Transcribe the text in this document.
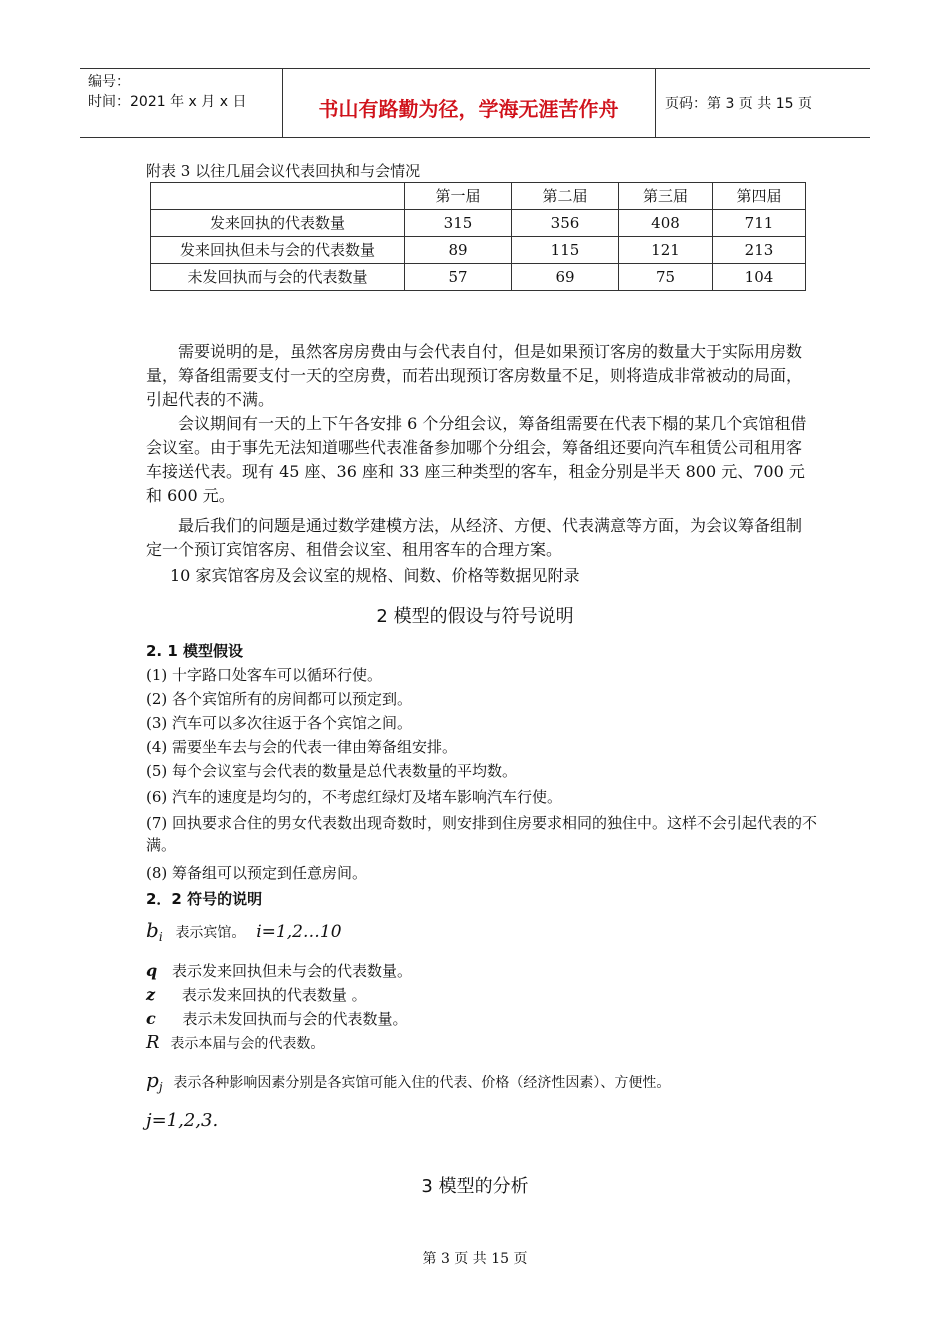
编号：
时间：2021 年 x 月 x 日	书山有路勤为径，学海无涯苦作舟	页码：第 3 页 共 15 页
附表 3 以往几届会议代表回执和与会情况
	第一届	第二届	第三届	第四届
发来回执的代表数量	315	356	408	711
发来回执但未与会的代表数量	89	115	121	213
未发回执而与会的代表数量	57	69	75	104

需要说明的是，虽然客房房费由与会代表自付，但是如果预订客房的数量大于实际用房数量，筹备组需要支付一天的空房费，而若出现预订客房数量不足，则将造成非常被动的局面，引起代表的不满。

会议期间有一天的上下午各安排 6 个分组会议，筹备组需要在代表下榻的某几个宾馆租借会议室。由于事先无法知道哪些代表准备参加哪个分组会，筹备组还要向汽车租赁公司租用客车接送代表。现有 45 座、36 座和 33 座三种类型的客车，租金分别是半天 800 元、700 元和 600 元。

最后我们的问题是通过数学建模方法，从经济、方便、代表满意等方面，为会议筹备组制定一个预订宾馆客房、租借会议室、租用客车的合理方案。

10 家宾馆客房及会议室的规格、间数、价格等数据见附录

2 模型的假设与符号说明
2. 1 模型假设
(1) 十字路口处客车可以循环行使。
(2) 各个宾馆所有的房间都可以预定到。
(3) 汽车可以多次往返于各个宾馆之间。
(4) 需要坐车去与会的代表一律由筹备组安排。
(5) 每个会议室与会代表的数量是总代表数量的平均数。
(6) 汽车的速度是均匀的，不考虑红绿灯及堵车影响汽车行使。
(7) 回执要求合住的男女代表数出现奇数时，则安排到住房要求相同的独住中。这样不会引起代表的不满。
(8) 筹备组可以预定到任意房间。
2．2 符号的说明
$b_i$ 表示宾馆。 i=1,2…10
q 表示发来回执但未与会的代表数量。
z 表示发来回执的代表数量 。
c 表示未发回执而与会的代表数量。
R 表示本届与会的代表数。
$p_j$ 表示各种影响因素分别是各宾馆可能入住的代表、价格（经济性因素）、方便性。
j=1,2,3.
3 模型的分析
第 3 页 共 15 页
